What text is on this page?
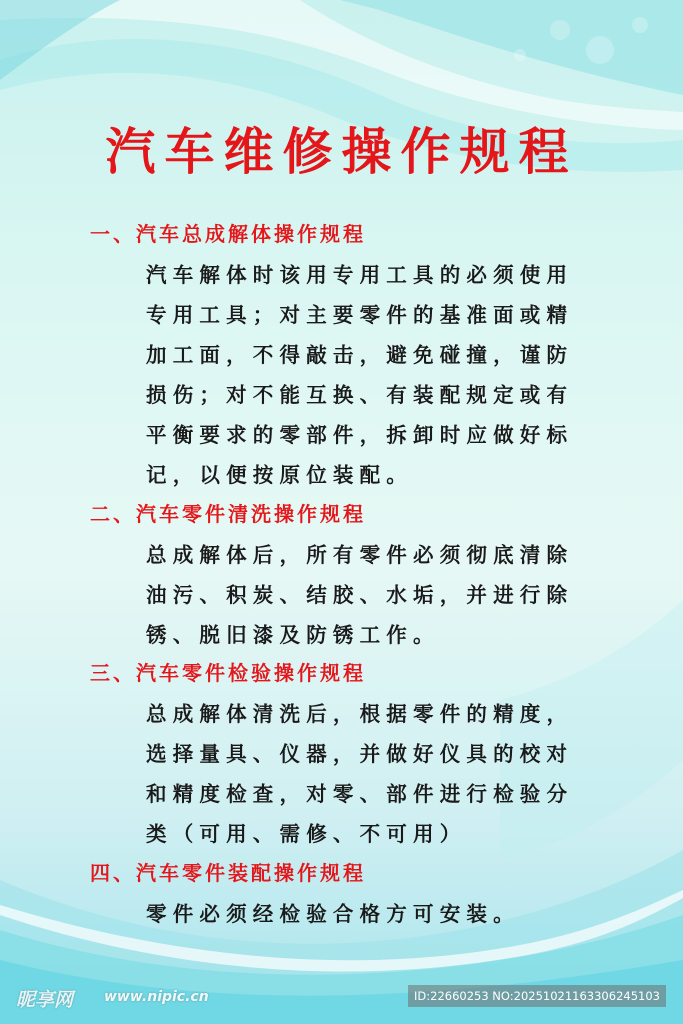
汽车维修操作规程
一、汽车总成解体操作规程
汽车解体时该用专用工具的必须使用
专用工具；对主要零件的基准面或精
加工面，不得敲击，避免碰撞，谨防
损伤；对不能互换、有装配规定或有
平衡要求的零部件，拆卸时应做好标
记，以便按原位装配。
二、汽车零件清洗操作规程
总成解体后，所有零件必须彻底清除
油污、积炭、结胶、水垢，并进行除
锈、脱旧漆及防锈工作。
三、汽车零件检验操作规程
总成解体清洗后，根据零件的精度，
选择量具、仪器，并做好仪具的校对
和精度检查，对零、部件进行检验分
类（可用、需修、不可用）
四、汽车零件装配操作规程
零件必须经检验合格方可安装。
昵享网 www.nipic.cn	ID:22660253 NO:20251021163306245103
